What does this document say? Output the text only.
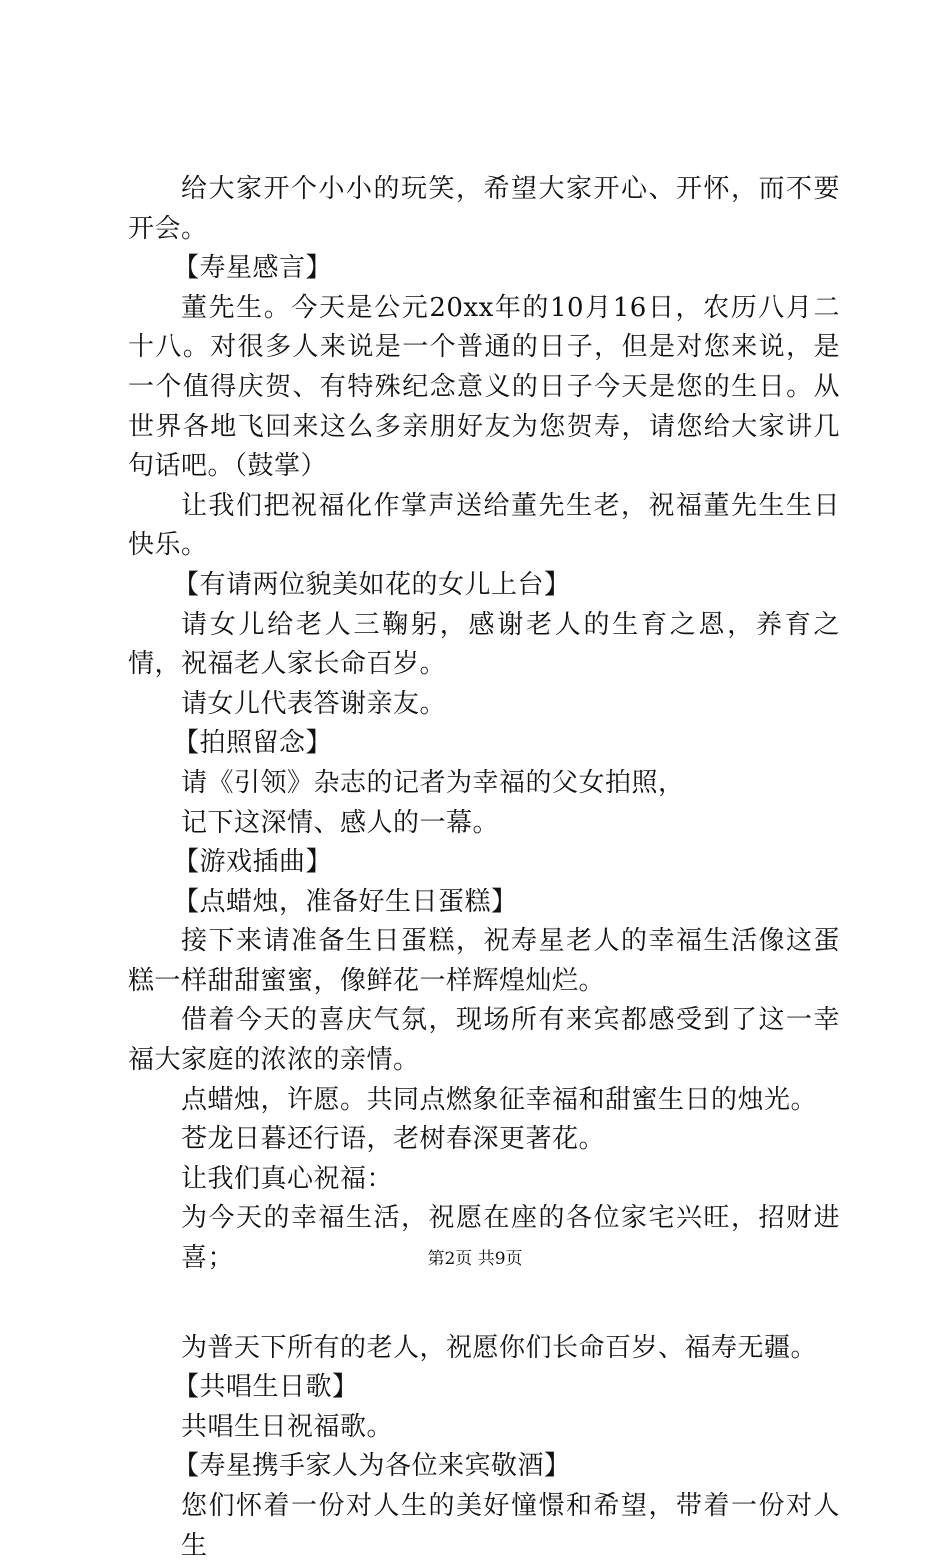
给大家开个小小的玩笑，希望大家开心、开怀，而不要开会。

【寿星感言】

董先生。今天是公元20xx年的10月16日，农历八月二十八。对很多人来说是一个普通的日子，但是对您来说，是一个值得庆贺、有特殊纪念意义的日子今天是您的生日。从世界各地飞回来这么多亲朋好友为您贺寿，请您给大家讲几句话吧。（鼓掌）

让我们把祝福化作掌声送给董先生老，祝福董先生生日快乐。

【有请两位貌美如花的女儿上台】

请女儿给老人三鞠躬，感谢老人的生育之恩，养育之情，祝福老人家长命百岁。

请女儿代表答谢亲友。

【拍照留念】

请《引领》杂志的记者为幸福的父女拍照，

记下这深情、感人的一幕。

【游戏插曲】

【点蜡烛，准备好生日蛋糕】

接下来请准备生日蛋糕，祝寿星老人的幸福生活像这蛋糕一样甜甜蜜蜜，像鲜花一样辉煌灿烂。

借着今天的喜庆气氛，现场所有来宾都感受到了这一幸福大家庭的浓浓的亲情。

点蜡烛，许愿。共同点燃象征幸福和甜蜜生日的烛光。

苍龙日暮还行语，老树春深更著花。

让我们真心祝福：

为今天的幸福生活，祝愿在座的各位家宅兴旺，招财进喜；

为普天下所有的老人，祝愿你们长命百岁、福寿无疆。

【共唱生日歌】

共唱生日祝福歌。

【寿星携手家人为各位来宾敬酒】

您们怀着一份对人生的美好憧憬和希望，带着一份对人生

第2页 共9页
